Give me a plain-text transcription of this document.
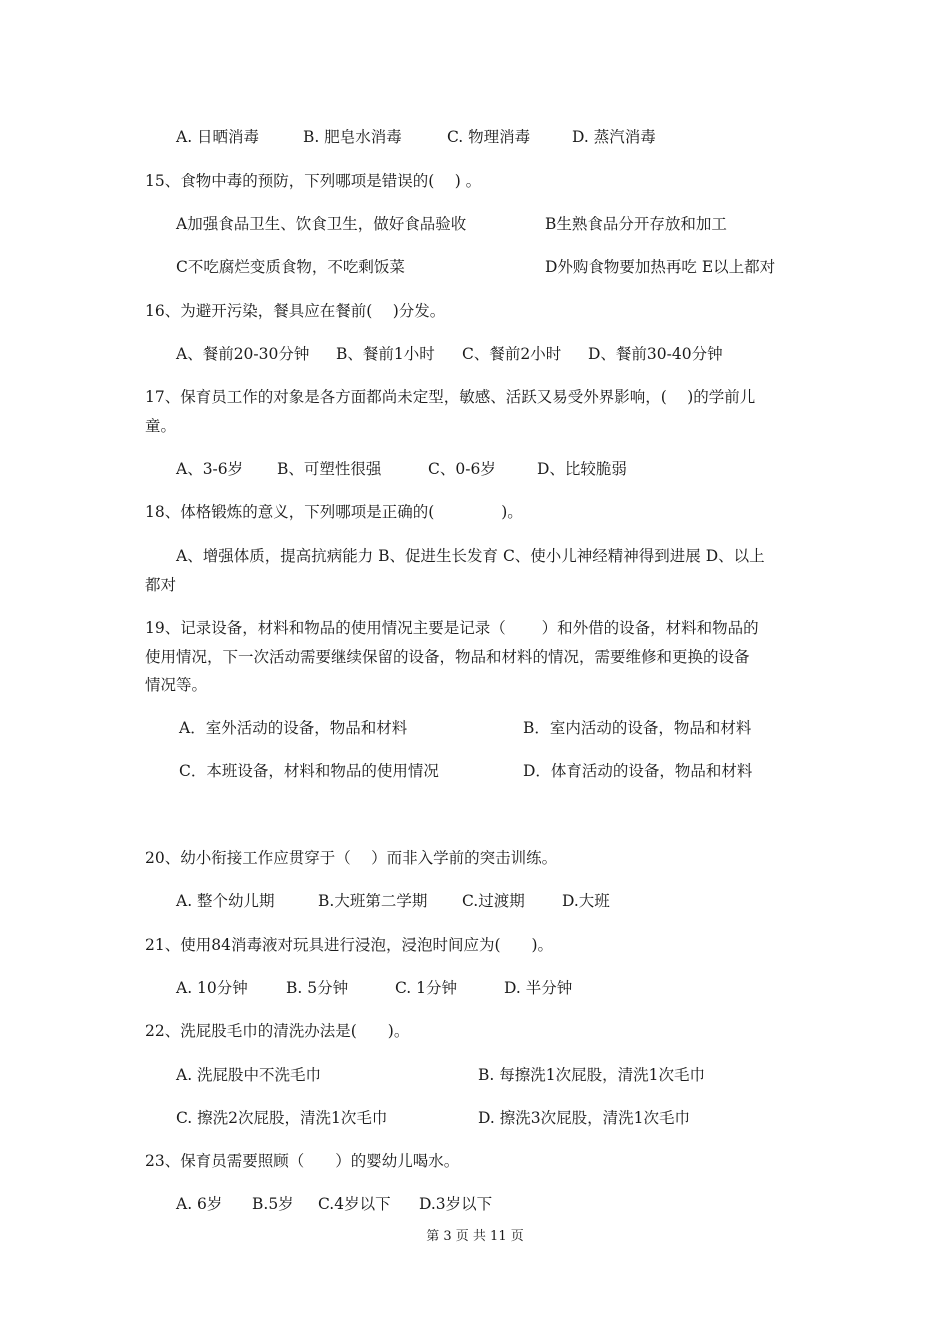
A. 日晒消毒	B. 肥皂水消毒	C. 物理消毒	D. 蒸汽消毒
15、食物中毒的预防，下列哪项是错误的(　 ) 。
A加强食品卫生、饮食卫生，做好食品验收	B生熟食品分开存放和加工
C不吃腐烂变质食物，不吃剩饭菜	D外购食物要加热再吃 E以上都对
16、为避开污染，餐具应在餐前(　 )分发。
A、餐前20-30分钟 B、餐前1小时 C、餐前2小时 D、餐前30-40分钟
17、保育员工作的对象是各方面都尚未定型，敏感、活跃又易受外界影响，(　 )的学前儿
童。
A、3-6岁 B、可塑性很强	C、0-6岁	D、比较脆弱
18、体格锻炼的意义，下列哪项是正确的(　　　　 )。
A、增强体质，提高抗病能力 B、促进生长发育 C、使小儿神经精神得到进展 D、以上
都对
19、记录设备，材料和物品的使用情况主要是记录（　　 ）和外借的设备，材料和物品的
使用情况，下一次活动需要继续保留的设备，物品和材料的情况，需要维修和更换的设备
情况等。
A．室外活动的设备，物品和材料	B．室内活动的设备，物品和材料
C．本班设备，材料和物品的使用情况	D．体育活动的设备，物品和材料
20、幼小衔接工作应贯穿于（　 ）而非入学前的突击训练。
A. 整个幼儿期	B.大班第二学期 C.过渡期 D.大班
21、使用84消毒液对玩具进行浸泡，浸泡时间应为(　　)。
A. 10分钟 B. 5分钟	C. 1分钟	D. 半分钟
22、洗屁股毛巾的清洗办法是(　　)。
A. 洗屁股中不洗毛巾	B. 每擦洗1次屁股，清洗1次毛巾
C. 擦洗2次屁股，清洗1次毛巾	D. 擦洗3次屁股，清洗1次毛巾
23、保育员需要照顾（　　）的婴幼儿喝水。
A. 6岁 B.5岁 C.4岁以下 D.3岁以下
第 3 页 共 11 页
